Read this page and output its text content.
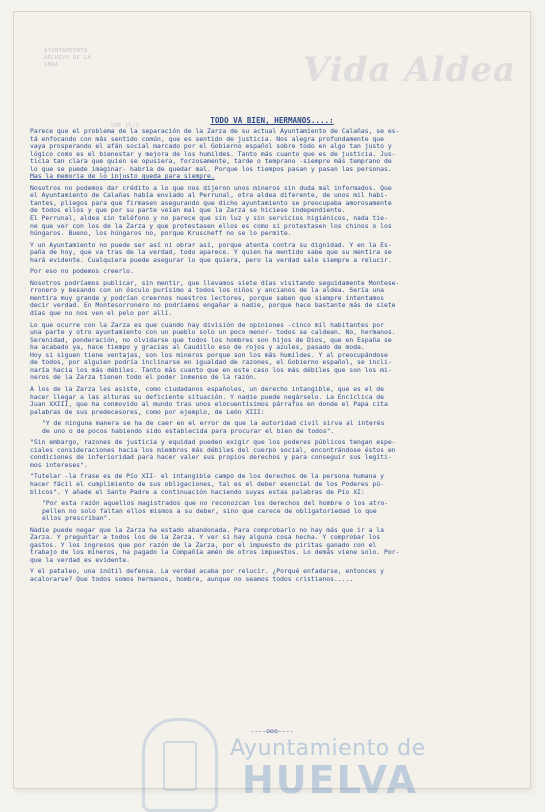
AYUNTAMIENTO
ARCHIVO DE LA
OBRA	Vida Aldea
100 15/1
TODO VA BIEN, HERMANOS....:
Parece que el problema de la separación de la Zarza de su actual Ayuntamiento de Calañas, se es-
tá enfocando con más sentido común, que es sentido de justicia. Nos alegra profundamente que
vaya prosperando el afán social marcado por el Gobierno español sobre todo en algo tan justo y
lógico como es el bienestar y mejora de los humildes. Tanto más cuanto que es de justicia. Jus-
ticia tan clara que quien se opusiera, forzosamente, tarde o temprano -siempre más temprano de
lo que se puede imaginar- habría de quedar mal. Porque los tiempos pasan y pasan las personas.
Mas la memoria de lo injusto queda para siempre.
Nosotros no podemos dar crédito a lo que nos dijeron unos mineros sin duda mal informados. Que
el Ayuntamiento de Calañas había enviado al Perrunal, otra aldea diferente, de unos mil habi-
tantes, pliegos para que firmasen asegurando que dicho ayuntamiento se preocupaba amorosamente
de todos ellos y que por su parte veían mal que la Zarza se hiciese independiente.
El Perrunal, aldea sin teléfono y no parece que sin luz y sin servicios higiénicos, nada tie-
ne que ver con los de la Zarza y que protestasen ellos es como si protestasen los chinos o los
húngaros. Bueno, los húngaros no, porque Kruscheff no se lo permite.
Y un Ayuntamiento no puede ser así ni obrar así, porque atenta contra su dignidad. Y en la Es-
paña de hoy, que va tras de la verdad, todo aparece. Y quien ha mentido sabe que su mentira se
hará evidente. Cualquiera puede asegurar lo que quiera, pero la verdad sale siempre a relucir.
Por eso no podemos creerlo.
Nosotros podríamos publicar, sin mentir, que llevamos siete días visitando seguidamente Montese-
rronero y besando con un ósculo purísimo a todos los niños y ancianos de la aldea. Sería una
mentira muy grande y podrían creernos nuestros lectores, porque saben que siempre intentamos
decir verdad. En Montesorronero no podríamos engañar a nadie, porque hace bastante más de siete
días que no nos ven el pelo por allí.
Lo que ocurre con la Zarza es que cuando hay división de opiniones -cinco mil habitantes por
una parte y otro ayuntamiento con un pueblo solo un poco menor- todos se caldean. No, hermanos.
Serenidad, ponderación, no olvidarse que todos los hombres son hijos de Dios, que en España se
ha acabado ya, hace tiempo y gracias al Caudillo eso de rojos y azules, pasado de moda.
Hoy si siguen tiene ventajas, son los mineros porque son los más humildes. Y al preocupándose
de todos, por alguien podría inclinarse en igualdad de razones, el Gobierno español, se incli-
naría hacia los más débiles. Tanto más cuanto que en este caso los más débiles que son los mi-
neros de la Zarza tienen todo el poder inmenso de la razón.
A los de la Zarza les asiste, como ciudadanos españoles, un derecho intangible, que es el de
hacer llegar a las alturas su deficiente situación. Y nadie puede negárselo. La Encíclica de
Juan XXIII, que ha conmovido al mundo tras unos elocuentísimos párrafos en donde el Papa cita
palabras de sus predecesores, como por ejemplo, de León XIII:
"Y de ninguna manera se ha de caer en el error de que la autoridad civil sirva al interés
de uno o de pocos habiendo sido establecida para procurar el bien de todos".
"Sin embargo, razones de justicia y equidad pueden exigir que los poderes públicos tengan espe-
ciales consideraciones hacia los miembros más débiles del cuerpo social, encontrándose éstos en
condiciones de inferioridad para hacer valer sus propios derechos y para conseguir sus legíti-
mos intereses".
"Tutelar -la frase es de Pío XII- el intangible campo de los derechos de la persona humana y
hacer fácil el cumplimiento de sus obligaciones, tal es el deber esencial de los Poderes pú-
blicos". Y añade el Santo Padre a continuación haciendo suyas estas palabras de Pío XI:
"Por esta razón aquellos magistrados que no reconozcan los derechos del hombre o los atro-
pellen no solo faltan ellos mismos a su deber, sino que carece de obligatoriedad lo que
ellos prescriban".
Nadie puede negar que la Zarza ha estado abandonada. Para comprobarlo no hay más que ir a la
Zarza. Y preguntar a todos los de la Zarza. Y ver si hay alguna cosa hecha. Y comprobar los
gastos. Y los ingresos que por razón de la Zarza, por el impuesto de piritas ganado con el
trabajo de los mineros, ha pagado la Compañía amén de otros impuestos. Lo demás viene solo. Por-
que la verdad es evidente.
Y el pataleo, una inútil defensa. La verdad acaba por relucir. ¿Porqué enfadarse, entonces y
acalorarse? Que todos somos hermanos, hombre, aunque no seamos todos cristianos.....
----ooo----
Ayuntamiento de
HUELVA
